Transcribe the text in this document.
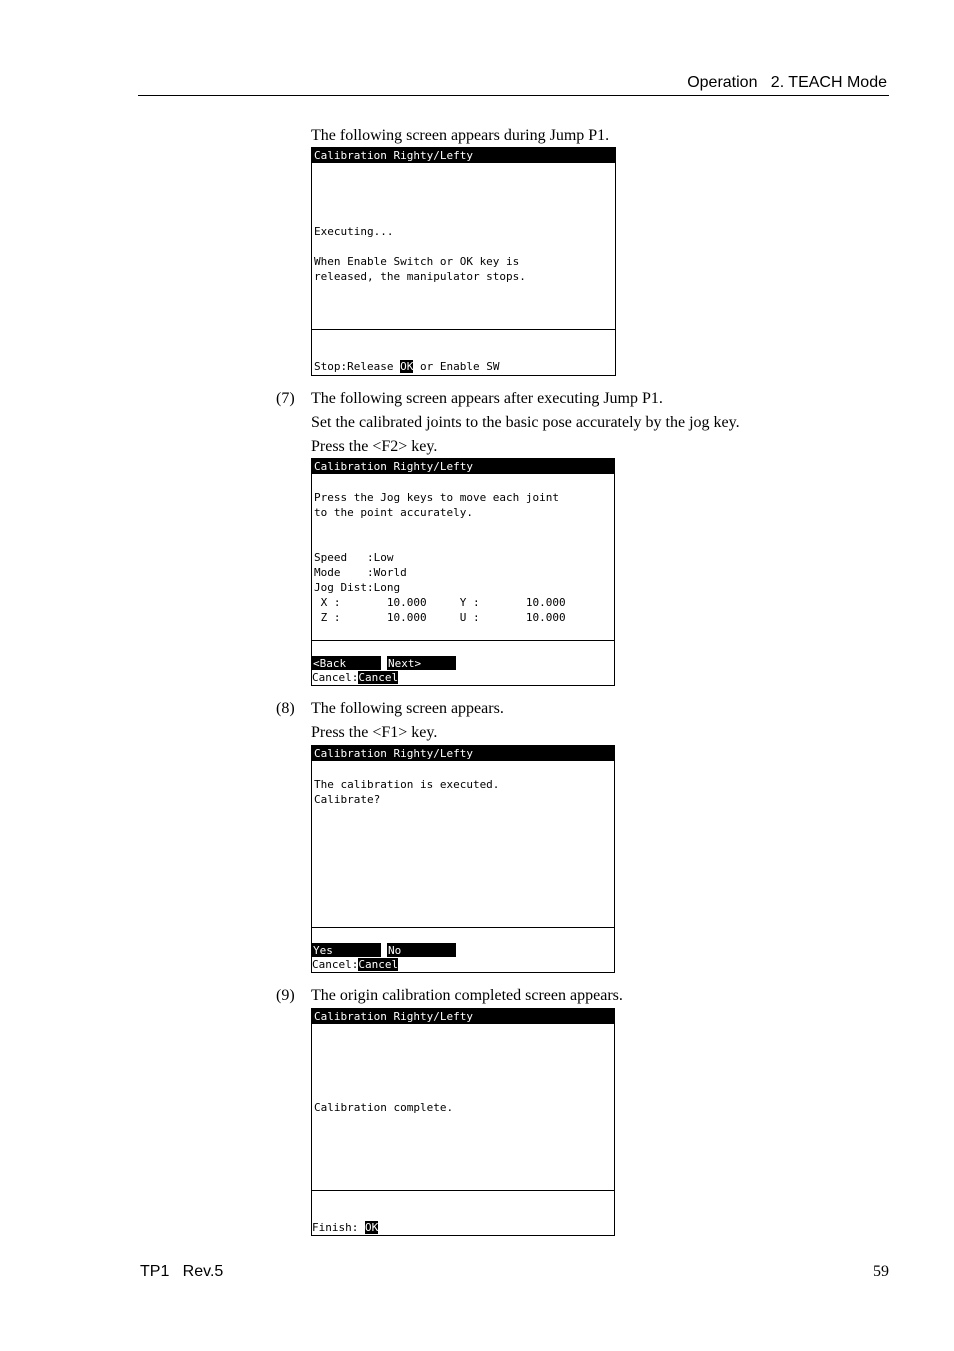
Operation   2. TEACH Mode
The following screen appears during Jump P1.
Calibration Righty/Lefty
Executing...
When Enable Switch or OK key is
released, the manipulator stops.
Stop:Release OK or Enable SW
(7) The following screen appears after executing Jump P1.
Set the calibrated joints to the basic pose accurately by the jog key.
Press the <F2> key.
Calibration Righty/Lefty
Press the Jog keys to move each joint
to the point accurately.
Speed   :Low
Mode    :World
Jog Dist:Long
X :       10.000     Y :       10.000
Z :       10.000     U :       10.000
<Back	Next>
Cancel:Cancel
(8) The following screen appears.
Press the <F1> key.
Calibration Righty/Lefty
The calibration is executed.
Calibrate?
Yes	No
Cancel:Cancel
(9) The origin calibration completed screen appears.
Calibration Righty/Lefty
Calibration complete.
Finish: OK
TP1   Rev.5	59
